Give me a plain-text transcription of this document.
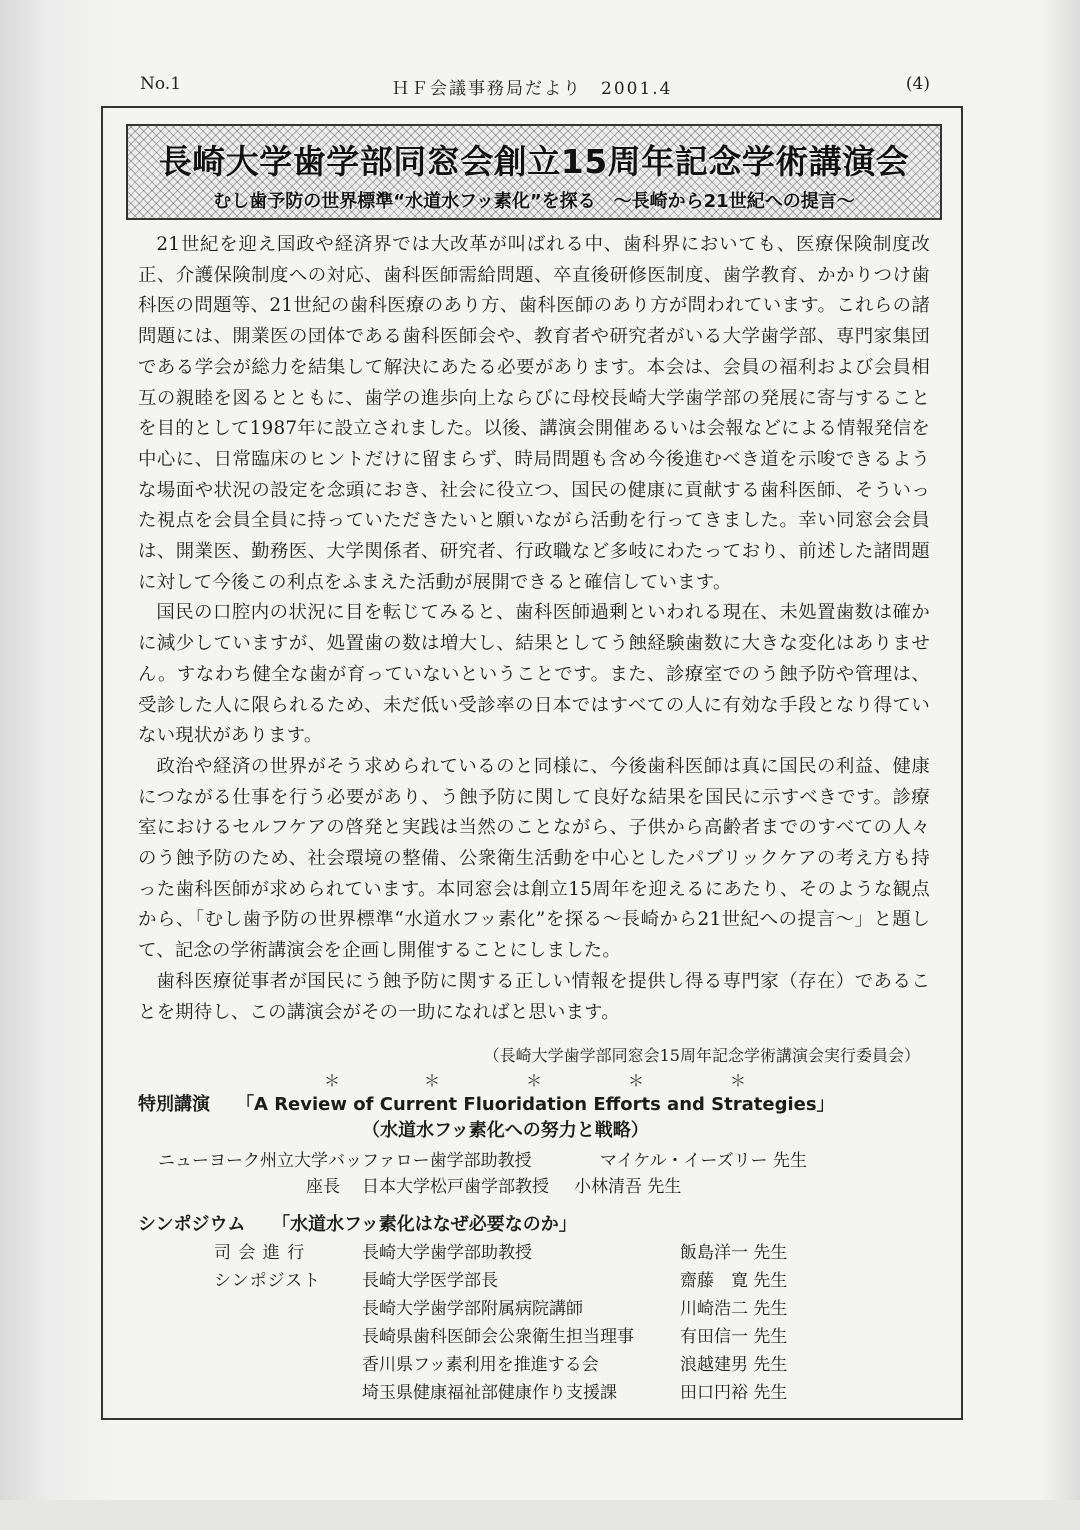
No.1	ＨＦ会議事務局だより　2001.4	(4)
長崎大学歯学部同窓会創立15周年記念学術講演会
むし歯予防の世界標準“水道水フッ素化”を探る　～長崎から21世紀への提言～

21世紀を迎え国政や経済界では大改革が叫ばれる中、歯科界においても、医療保険制度改正、介護保険制度への対応、歯科医師需給問題、卒直後研修医制度、歯学教育、かかりつけ歯科医の問題等、21世紀の歯科医療のあり方、歯科医師のあり方が問われています。これらの諸問題には、開業医の団体である歯科医師会や、教育者や研究者がいる大学歯学部、専門家集団である学会が総力を結集して解決にあたる必要があります。本会は、会員の福利および会員相互の親睦を図るとともに、歯学の進歩向上ならびに母校長崎大学歯学部の発展に寄与することを目的として1987年に設立されました。以後、講演会開催あるいは会報などによる情報発信を中心に、日常臨床のヒントだけに留まらず、時局問題も含め今後進むべき道を示唆できるような場面や状況の設定を念頭におき、社会に役立つ、国民の健康に貢献する歯科医師、そういった視点を会員全員に持っていただきたいと願いながら活動を行ってきました。幸い同窓会会員は、開業医、勤務医、大学関係者、研究者、行政職など多岐にわたっており、前述した諸問題に対して今後この利点をふまえた活動が展開できると確信しています。

国民の口腔内の状況に目を転じてみると、歯科医師過剰といわれる現在、未処置歯数は確かに減少していますが、処置歯の数は増大し、結果としてう蝕経験歯数に大きな変化はありません。すなわち健全な歯が育っていないということです。また、診療室でのう蝕予防や管理は、受診した人に限られるため、未だ低い受診率の日本ではすべての人に有効な手段となり得ていない現状があります。

政治や経済の世界がそう求められているのと同様に、今後歯科医師は真に国民の利益、健康につながる仕事を行う必要があり、う蝕予防に関して良好な結果を国民に示すべきです。診療室におけるセルフケアの啓発と実践は当然のことながら、子供から高齢者までのすべての人々のう蝕予防のため、社会環境の整備、公衆衛生活動を中心としたパブリックケアの考え方も持った歯科医師が求められています。本同窓会は創立15周年を迎えるにあたり、そのような観点から、「むし歯予防の世界標準“水道水フッ素化”を探る～長崎から21世紀への提言～」と題して、記念の学術講演会を企画し開催することにしました。

歯科医療従事者が国民にう蝕予防に関する正しい情報を提供し得る専門家（存在）であることを期待し、この講演会がその一助になればと思います。

（長崎大学歯学部同窓会15周年記念学術講演会実行委員会）
＊	＊	＊	＊	＊
特別講演 「A Review of Current Fluoridation Efforts and Strategies」
（水道水フッ素化への努力と戦略）
ニューヨーク州立大学バッファロー歯学部助教授	マイケル・イーズリー 先生
座長 日本大学松戸歯学部教授 小林清吾 先生
シンポジウム 「水道水フッ素化はなぜ必要なのか」
司 会 進 行	長崎大学歯学部助教授	飯島洋一 先生
シンポジスト 長崎大学医学部長	齋藤　寛 先生
長崎大学歯学部附属病院講師	川崎浩二 先生
長崎県歯科医師会公衆衛生担当理事	有田信一 先生
香川県フッ素利用を推進する会	浪越建男 先生
埼玉県健康福祉部健康作り支援課	田口円裕 先生
